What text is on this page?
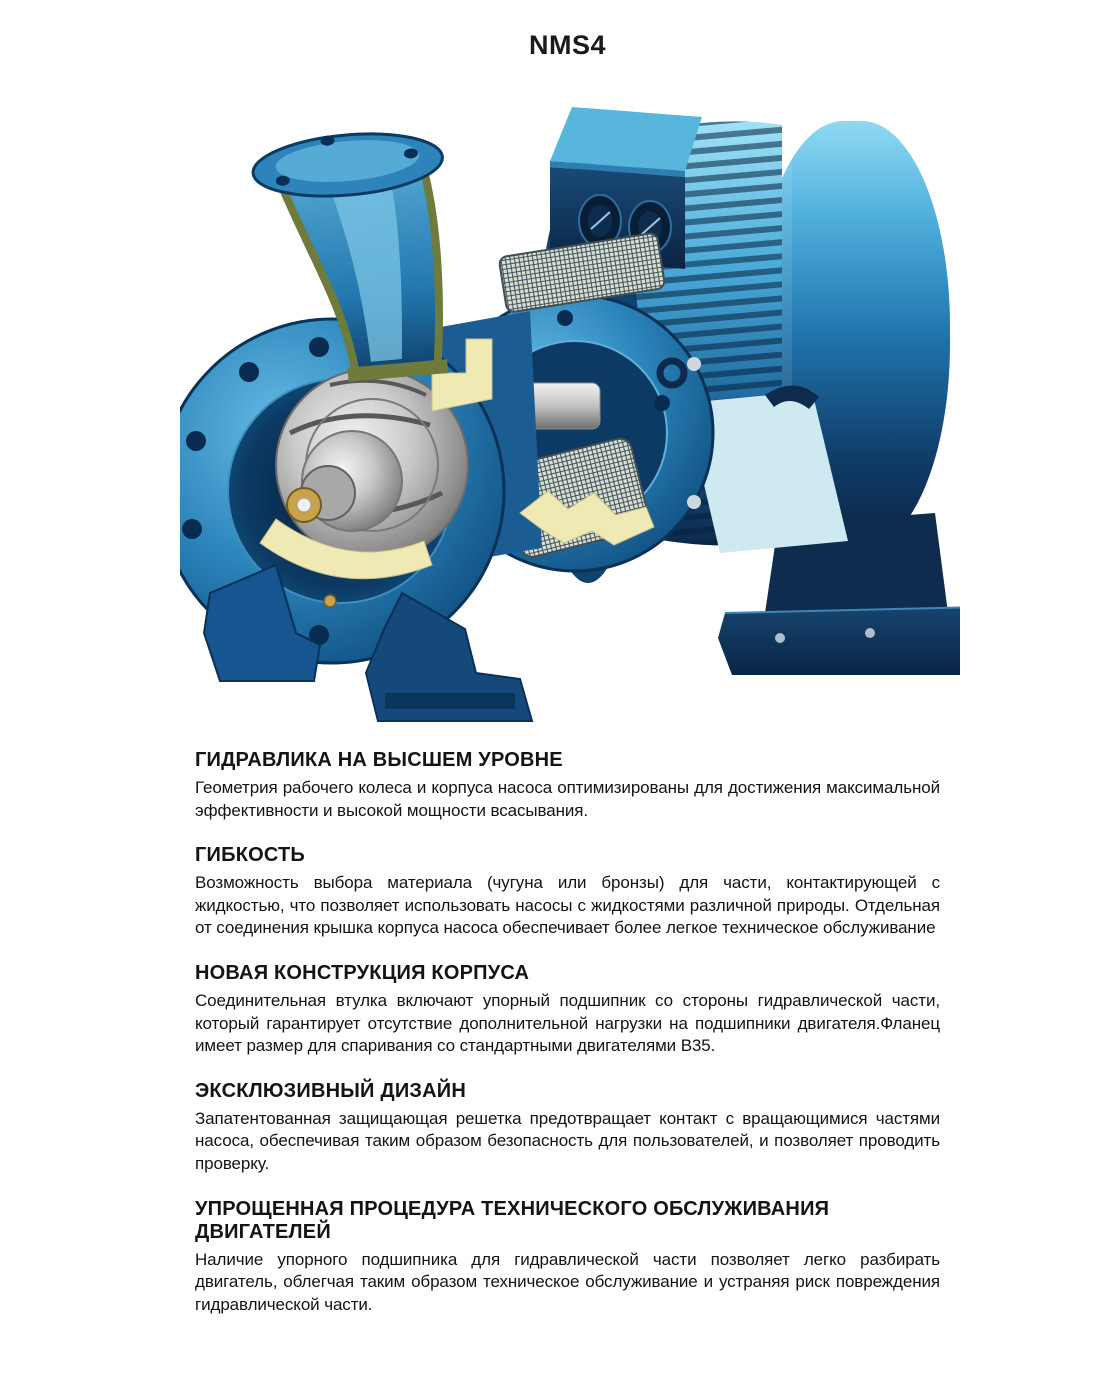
NMS4
ГИДРАВЛИКА НА ВЫСШЕМ УРОВНЕ

Геометрия рабочего колеса и корпуса насоса оптимизированы для достижения максимальной эффективности и высокой мощности всасывания.

ГИБКОСТЬ

Возможность выбора материала (чугуна или бронзы) для части, контактирующей с жидкостью, что позволяет использовать насосы с жидкостями различной природы. Отдельная от соединения крышка корпуса насоса обеспечивает более легкое техническое обслуживание

НОВАЯ КОНСТРУКЦИЯ КОРПУСА

Соединительная втулка включают упорный подшипник со стороны гидравлической части, который гарантирует отсутствие дополнительной нагрузки на подшипники двигателя.Фланец имеет размер для спаривания со стандартными двигателями B35.

ЭКСКЛЮЗИВНЫЙ ДИЗАЙН

Запатентованная защищающая решетка предотвращает контакт с вращающимися частями насоса, обеспечивая таким образом безопасность для пользователей, и позволяет проводить проверку.

УПРОЩЕННАЯ ПРОЦЕДУРА ТЕХНИЧЕСКОГО ОБСЛУЖИВАНИЯ ДВИГАТЕЛЕЙ

Наличие упорного подшипника для гидравлической части позволяет легко разбирать двигатель, облегчая таким образом техническое обслуживание и устраняя риск повреждения гидравлической части.
